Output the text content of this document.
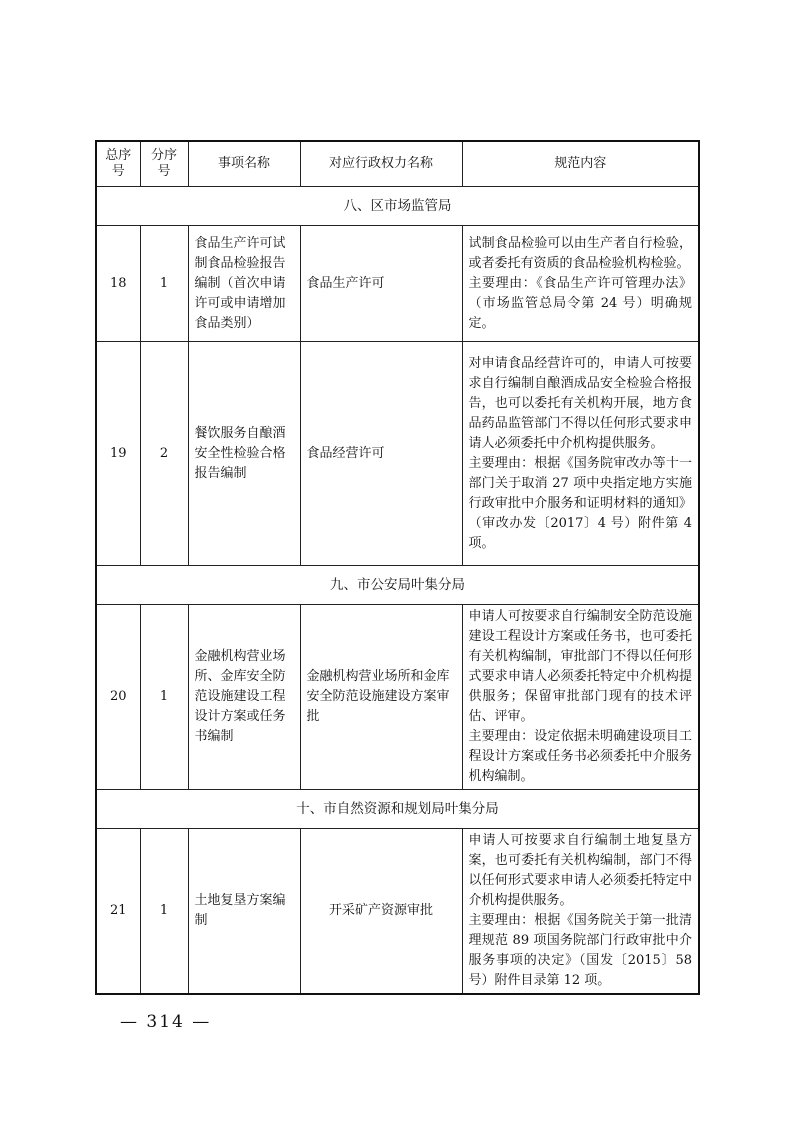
总序号	分序号	事项名称	对应行政权力名称	规范内容
八、区市场监管局				
18	1	食品生产许可试制食品检验报告编制（首次申请许可或申请增加食品类别）	食品生产许可	试制食品检验可以由生产者自行检验，或者委托有资质的食品检验机构检验。
主要理由：《食品生产许可管理办法》（市场监管总局令第 24 号）明确规定。

19	2	餐饮服务自酿酒安全性检验合格报告编制	食品经营许可	对申请食品经营许可的，申请人可按要求自行编制自酿酒成品安全检验合格报告，也可以委托有关机构开展，地方食品药品监管部门不得以任何形式要求申请人必须委托中介机构提供服务。
主要理由：根据《国务院审改办等十一部门关于取消 27 项中央指定地方实施行政审批中介服务和证明材料的通知》（审改办发〔2017〕4 号）附件第 4 项。

九、市公安局叶集分局				
20	1	金融机构营业场所、金库安全防范设施建设工程设计方案或任务书编制	金融机构营业场所和金库安全防范设施建设方案审批	申请人可按要求自行编制安全防范设施建设工程设计方案或任务书，也可委托有关机构编制，审批部门不得以任何形式要求申请人必须委托特定中介机构提供服务；保留审批部门现有的技术评估、评审。
主要理由：设定依据未明确建设项目工程设计方案或任务书必须委托中介服务机构编制。

十、市自然资源和规划局叶集分局				
21	1	土地复垦方案编制	开采矿产资源审批	申请人可按要求自行编制土地复垦方案，也可委托有关机构编制，部门不得以任何形式要求申请人必须委托特定中介机构提供服务。
主要理由：根据《国务院关于第一批清理规范 89 项国务院部门行政审批中介服务事项的决定》（国发〔2015〕58 号）附件目录第 12 项。
— 314 —
